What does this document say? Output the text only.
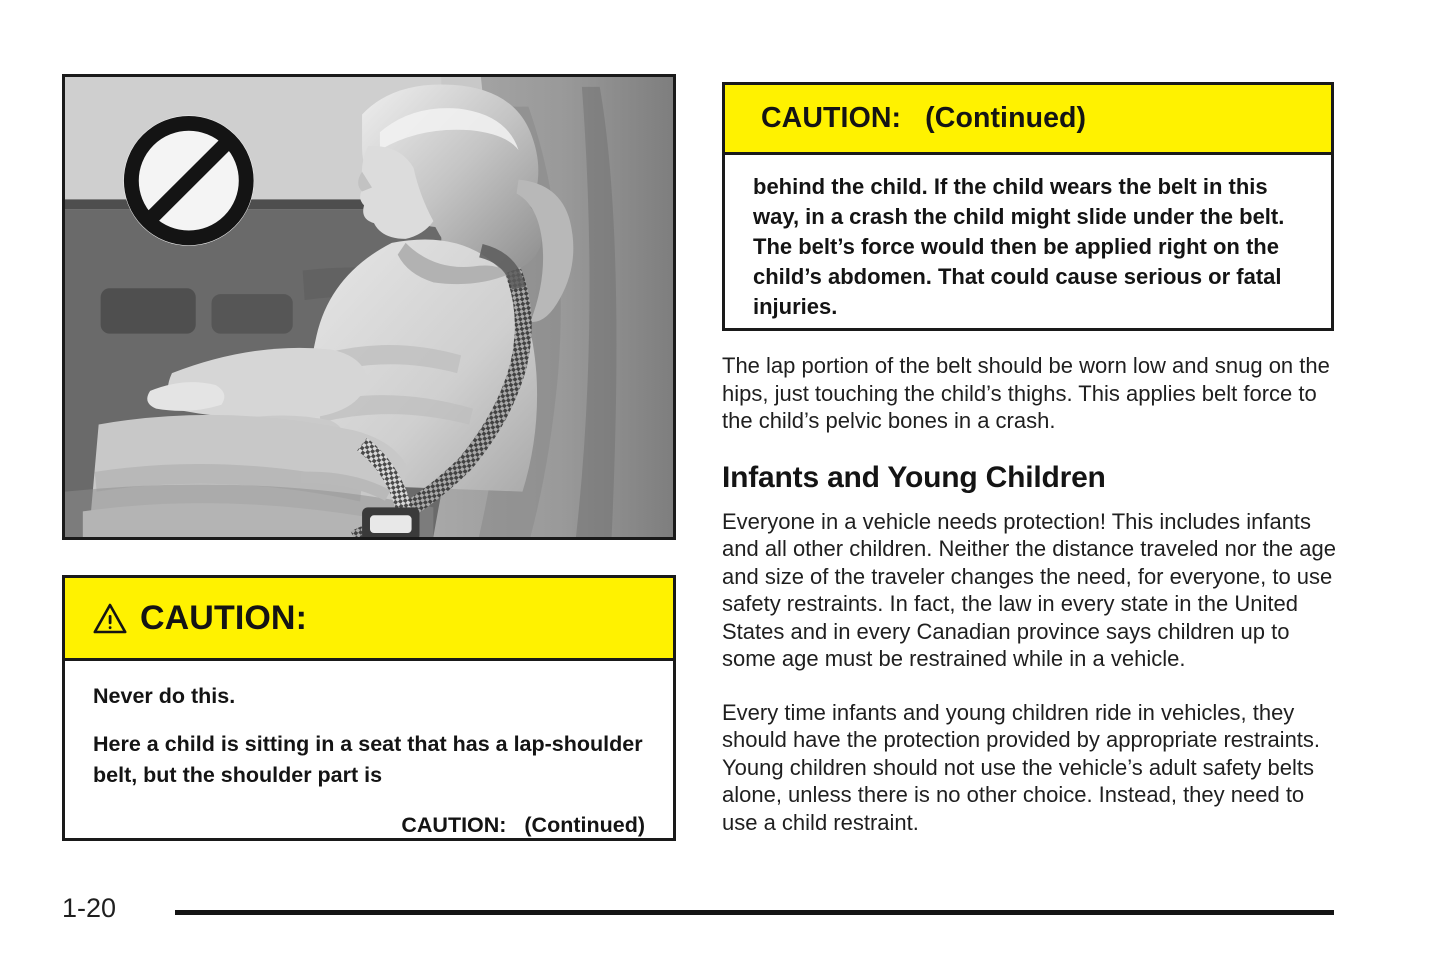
CAUTION:

Never do this.

Here a child is sitting in a seat that has a lap-shoulder belt, but the shoulder part is

CAUTION:   (Continued)

CAUTION:   (Continued)

behind the child. If the child wears the belt in this way, in a crash the child might slide under the belt. The belt’s force would then be applied right on the child’s abdomen. That could cause serious or fatal injuries.

The lap portion of the belt should be worn low and snug on the hips, just touching the child’s thighs. This applies belt force to the child’s pelvic bones in a crash.

Infants and Young Children

Everyone in a vehicle needs protection! This includes infants and all other children. Neither the distance traveled nor the age and size of the traveler changes the need, for everyone, to use safety restraints. In fact, the law in every state in the United States and in every Canadian province says children up to some age must be restrained while in a vehicle.

Every time infants and young children ride in vehicles, they should have the protection provided by appropriate restraints. Young children should not use the vehicle’s adult safety belts alone, unless there is no other choice. Instead, they need to use a child restraint.

1-20
